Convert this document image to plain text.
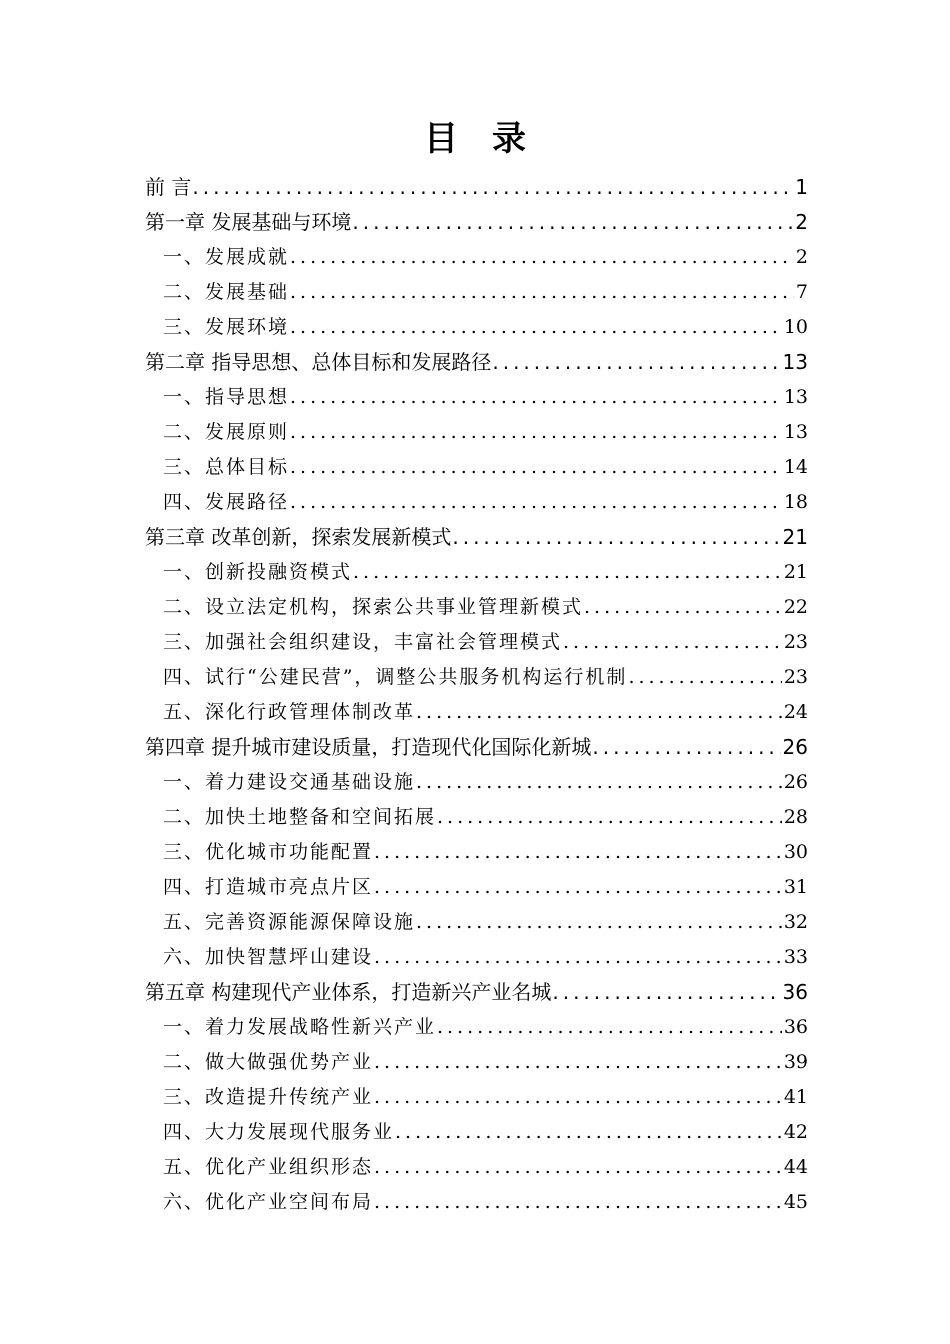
目 录
前 言 .....	1
第一章 发展基础与环境 .....	2
一、发展成就 .....	2
二、发展基础 .....	7
三、发展环境 .....	10
第二章 指导思想、总体目标和发展路径 .....	13
一、指导思想 .....	13
二、发展原则 .....	13
三、总体目标 .....	14
四、发展路径 .....	18
第三章 改革创新，探索发展新模式 .....	21
一、创新投融资模式 .....	21
二、设立法定机构，探索公共事业管理新模式 .....	22
三、加强社会组织建设，丰富社会管理模式 .....	23
四、试行“公建民营”，调整公共服务机构运行机制 .....	23
五、深化行政管理体制改革 .....	24
第四章 提升城市建设质量，打造现代化国际化新城 .....	26
一、着力建设交通基础设施 .....	26
二、加快土地整备和空间拓展 .....	28
三、优化城市功能配置 .....	30
四、打造城市亮点片区 .....	31
五、完善资源能源保障设施 .....	32
六、加快智慧坪山建设 .....	33
第五章 构建现代产业体系，打造新兴产业名城 .....	36
一、着力发展战略性新兴产业 .....	36
二、做大做强优势产业 .....	39
三、改造提升传统产业 .....	41
四、大力发展现代服务业 .....	42
五、优化产业组织形态 .....	44
六、优化产业空间布局 .....	45
